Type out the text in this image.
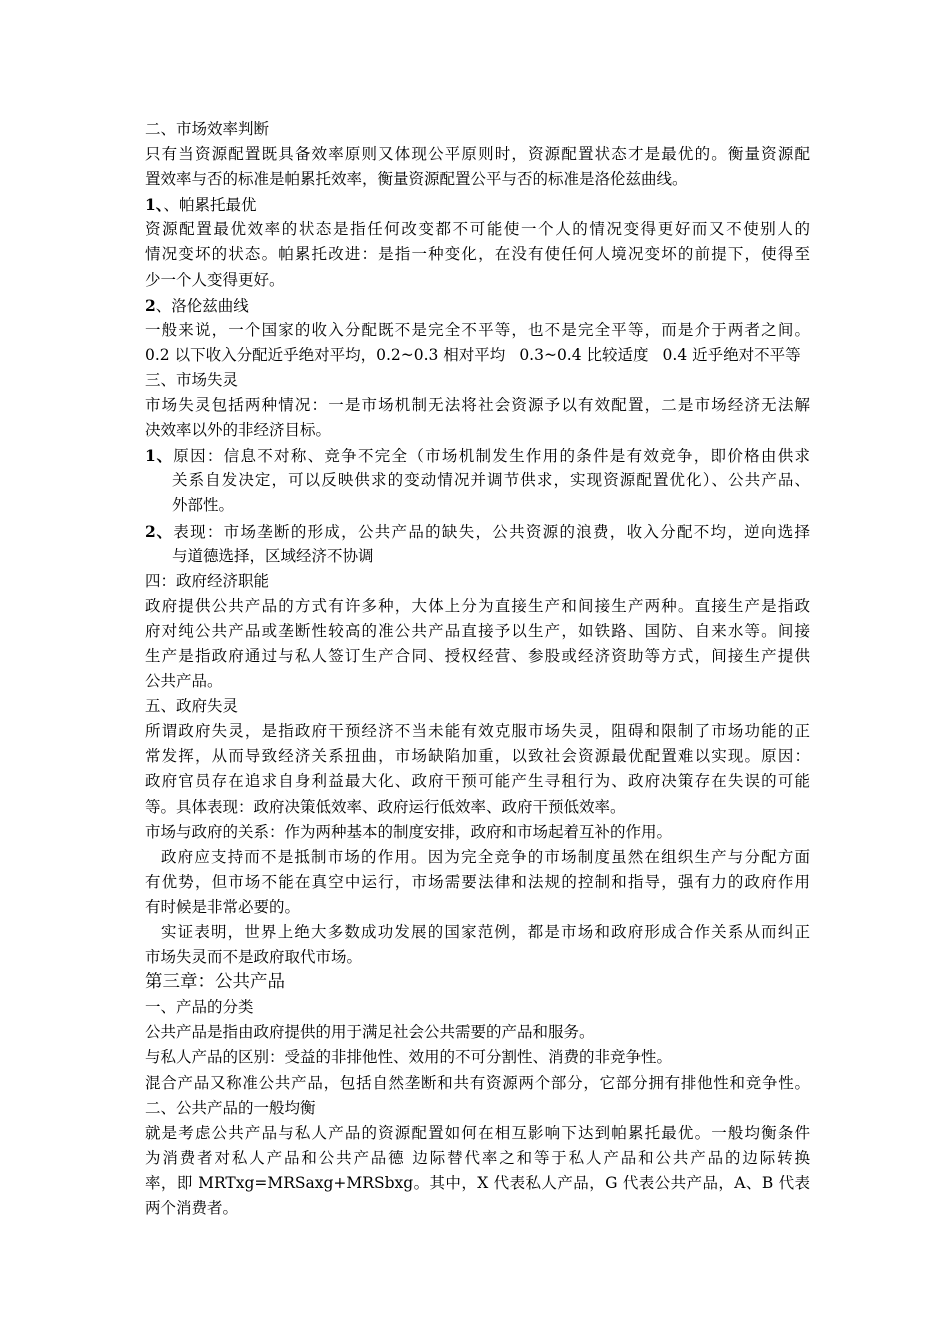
二、市场效率判断
只有当资源配置既具备效率原则又体现公平原则时，资源配置状态才是最优的。衡量资源配
置效率与否的标准是帕累托效率，衡量资源配置公平与否的标准是洛伦兹曲线。
1、、帕累托最优
资源配置最优效率的状态是指任何改变都不可能使一个人的情况变得更好而又不使别人的
情况变坏的状态。帕累托改进：是指一种变化，在没有使任何人境况变坏的前提下，使得至
少一个人变得更好。
2、洛伦兹曲线
一般来说，一个国家的收入分配既不是完全不平等，也不是完全平等，而是介于两者之间。
0.2 以下收入分配近乎绝对平均，0.2~0.3 相对平均 0.3~0.4 比较适度 0.4 近乎绝对不平等
三、市场失灵
市场失灵包括两种情况：一是市场机制无法将社会资源予以有效配置，二是市场经济无法解
决效率以外的非经济目标。
1、原因：信息不对称、竞争不完全（市场机制发生作用的条件是有效竞争，即价格由供求
关系自发决定，可以反映供求的变动情况并调节供求，实现资源配置优化）、公共产品、
外部性。
2、表现：市场垄断的形成，公共产品的缺失，公共资源的浪费，收入分配不均，逆向选择
与道德选择，区域经济不协调
四：政府经济职能
政府提供公共产品的方式有许多种，大体上分为直接生产和间接生产两种。直接生产是指政
府对纯公共产品或垄断性较高的准公共产品直接予以生产，如铁路、国防、自来水等。间接
生产是指政府通过与私人签订生产合同、授权经营、参股或经济资助等方式，间接生产提供
公共产品。
五、政府失灵
所谓政府失灵，是指政府干预经济不当未能有效克服市场失灵，阻碍和限制了市场功能的正
常发挥，从而导致经济关系扭曲，市场缺陷加重，以致社会资源最优配置难以实现。原因：
政府官员存在追求自身利益最大化、政府干预可能产生寻租行为、政府决策存在失误的可能
等。具体表现：政府决策低效率、政府运行低效率、政府干预低效率。
市场与政府的关系：作为两种基本的制度安排，政府和市场起着互补的作用。
政府应支持而不是抵制市场的作用。因为完全竞争的市场制度虽然在组织生产与分配方面
有优势，但市场不能在真空中运行，市场需要法律和法规的控制和指导，强有力的政府作用
有时候是非常必要的。
实证表明，世界上绝大多数成功发展的国家范例，都是市场和政府形成合作关系从而纠正
市场失灵而不是政府取代市场。
第三章：公共产品
一、产品的分类
公共产品是指由政府提供的用于满足社会公共需要的产品和服务。
与私人产品的区别：受益的非排他性、效用的不可分割性、消费的非竞争性。
混合产品又称准公共产品，包括自然垄断和共有资源两个部分，它部分拥有排他性和竞争性。
二、公共产品的一般均衡
就是考虑公共产品与私人产品的资源配置如何在相互影响下达到帕累托最优。一般均衡条件
为消费者对私人产品和公共产品德 边际替代率之和等于私人产品和公共产品的边际转换
率，即 MRTxg=MRSaxg+MRSbxg。其中，X 代表私人产品，G 代表公共产品，A、B 代表
两个消费者。
